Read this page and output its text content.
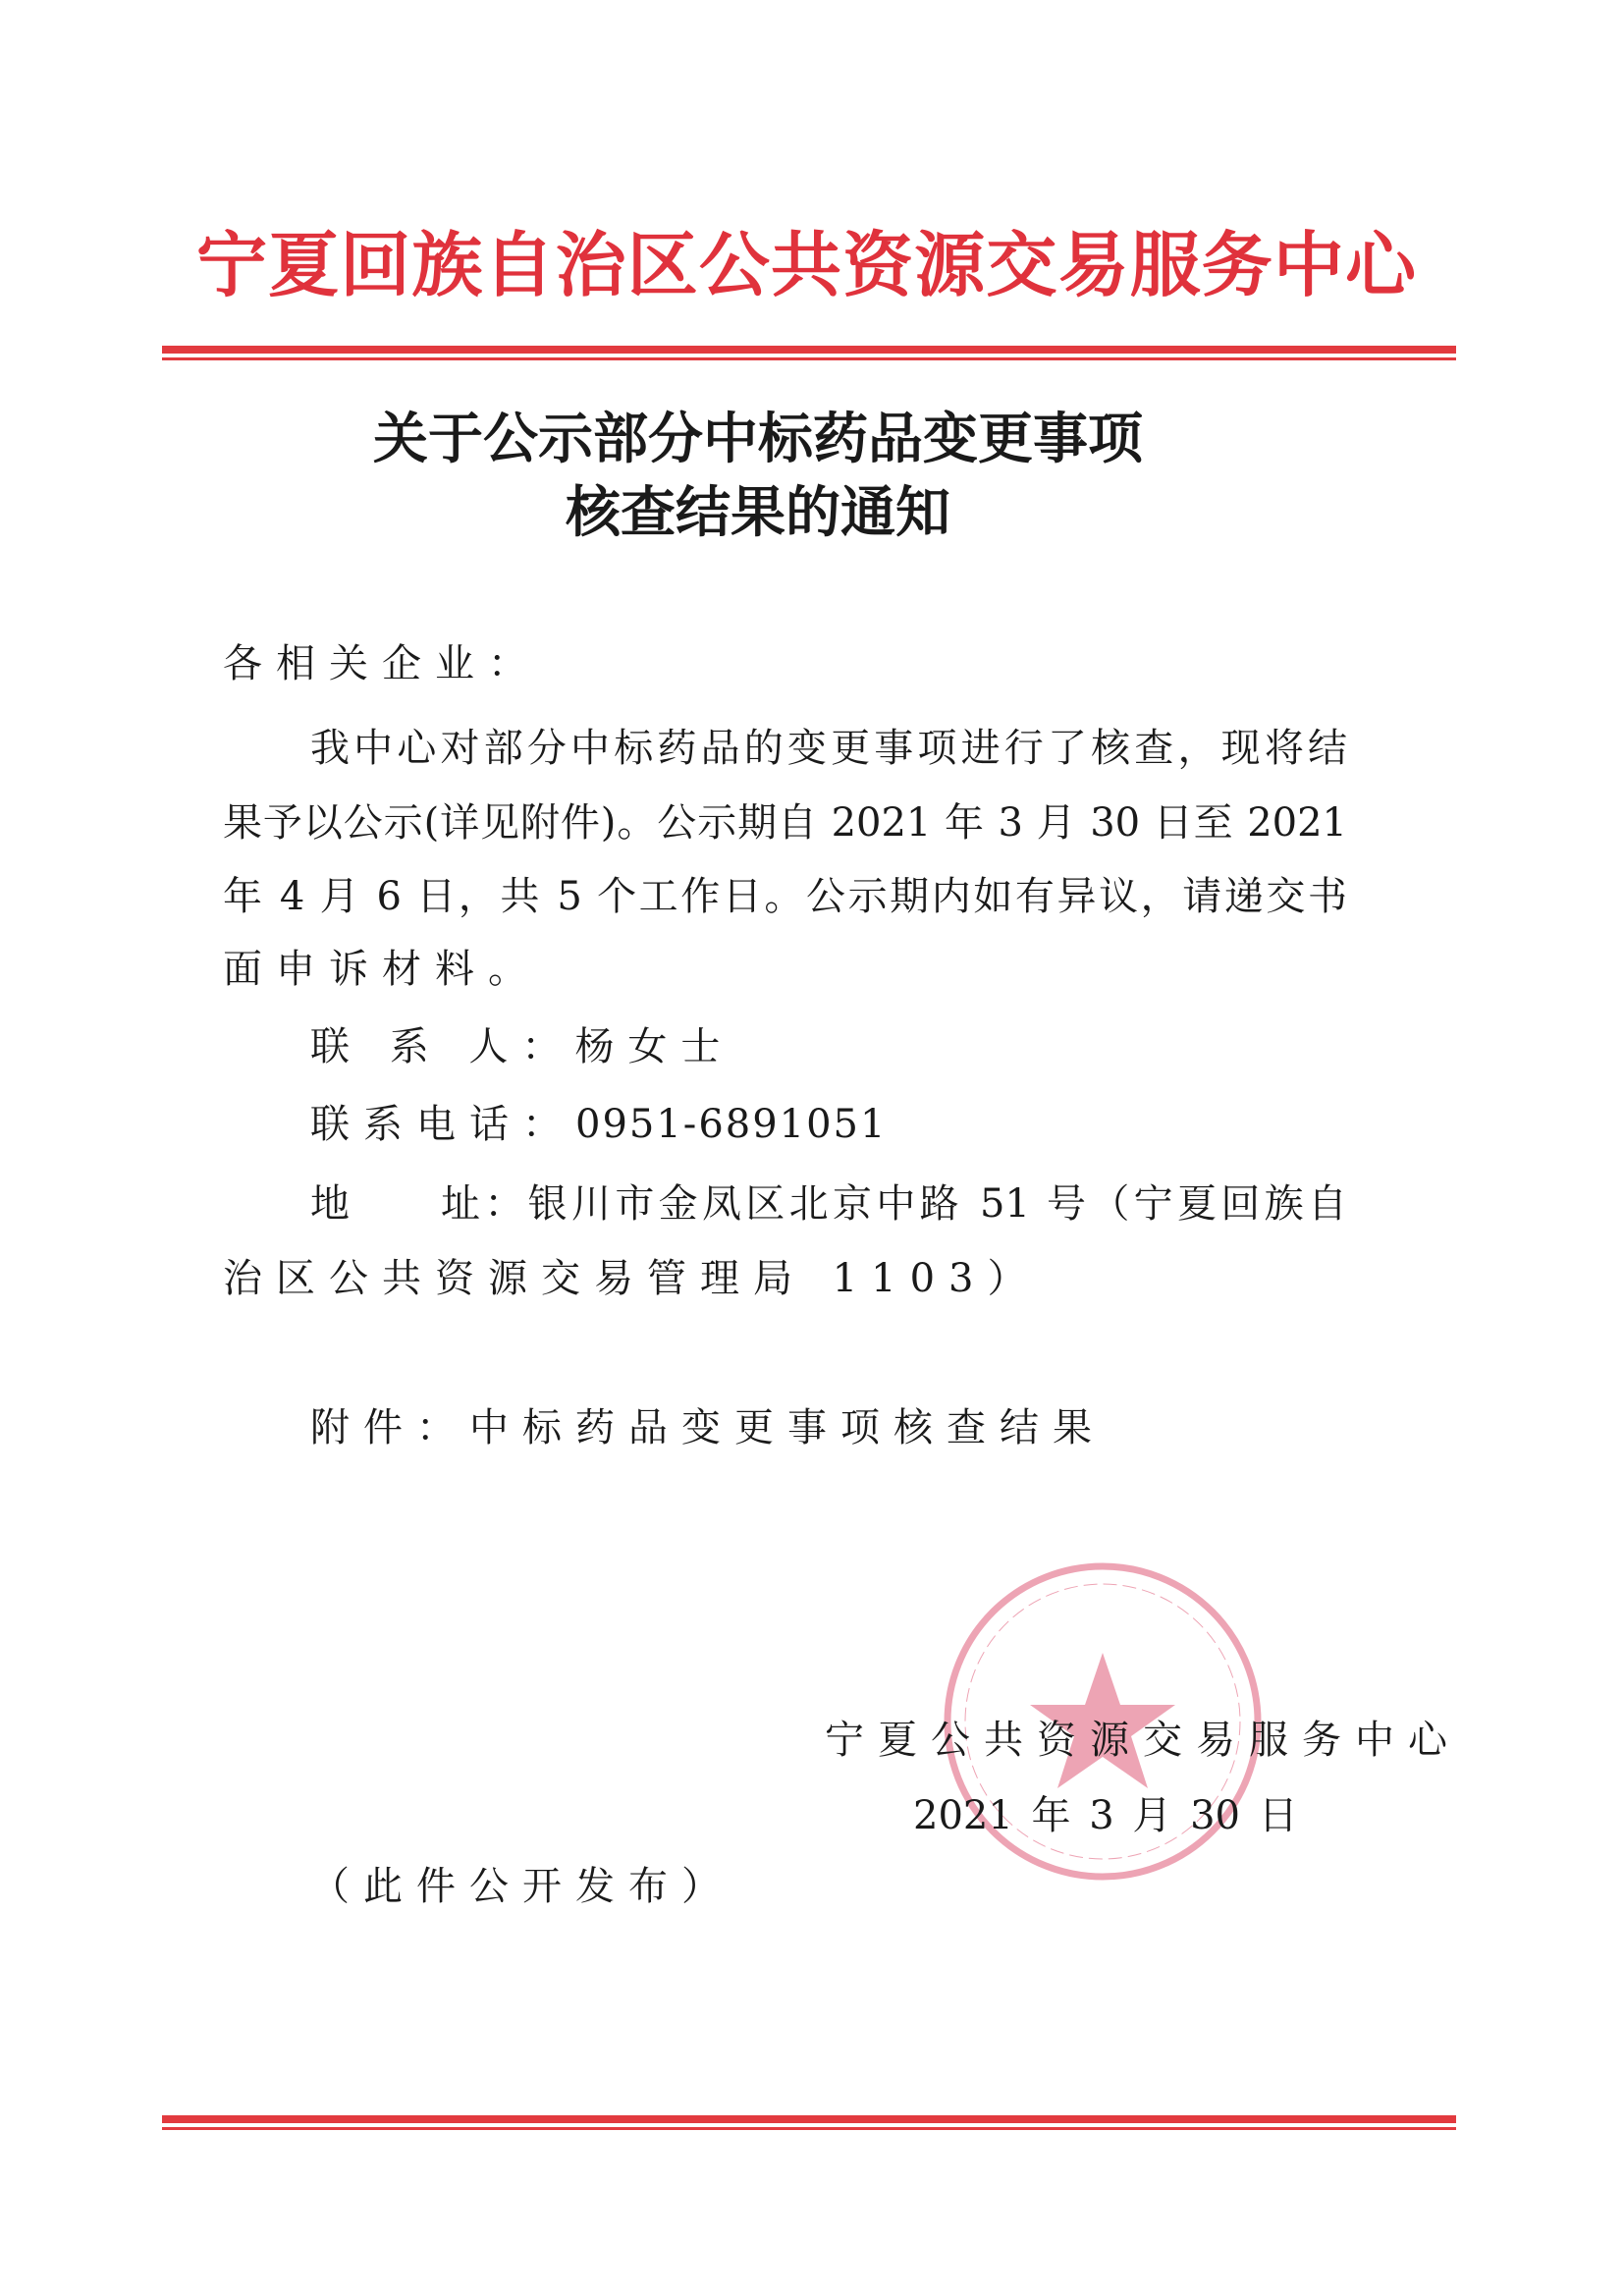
宁夏回族自治区公共资源交易服务中心
关于公示部分中标药品变更事项
核查结果的通知
各相关企业：
我中心对部分中标药品的变更事项进行了核查，现将结
果予以公示(详见附件)。公示期自 2021 年 3 月 30 日至 2021
年 4 月 6 日，共 5 个工作日。公示期内如有异议，请递交书
面申诉材料。
联 系 人：杨女士
联系电话：0951-6891051
地　　址：银川市金凤区北京中路 51 号（宁夏回族自
治区公共资源交易管理局 1103）
附件：中标药品变更事项核查结果
宁夏公共资源交易服务中心
2021 年 3 月 30 日
（此件公开发布）
